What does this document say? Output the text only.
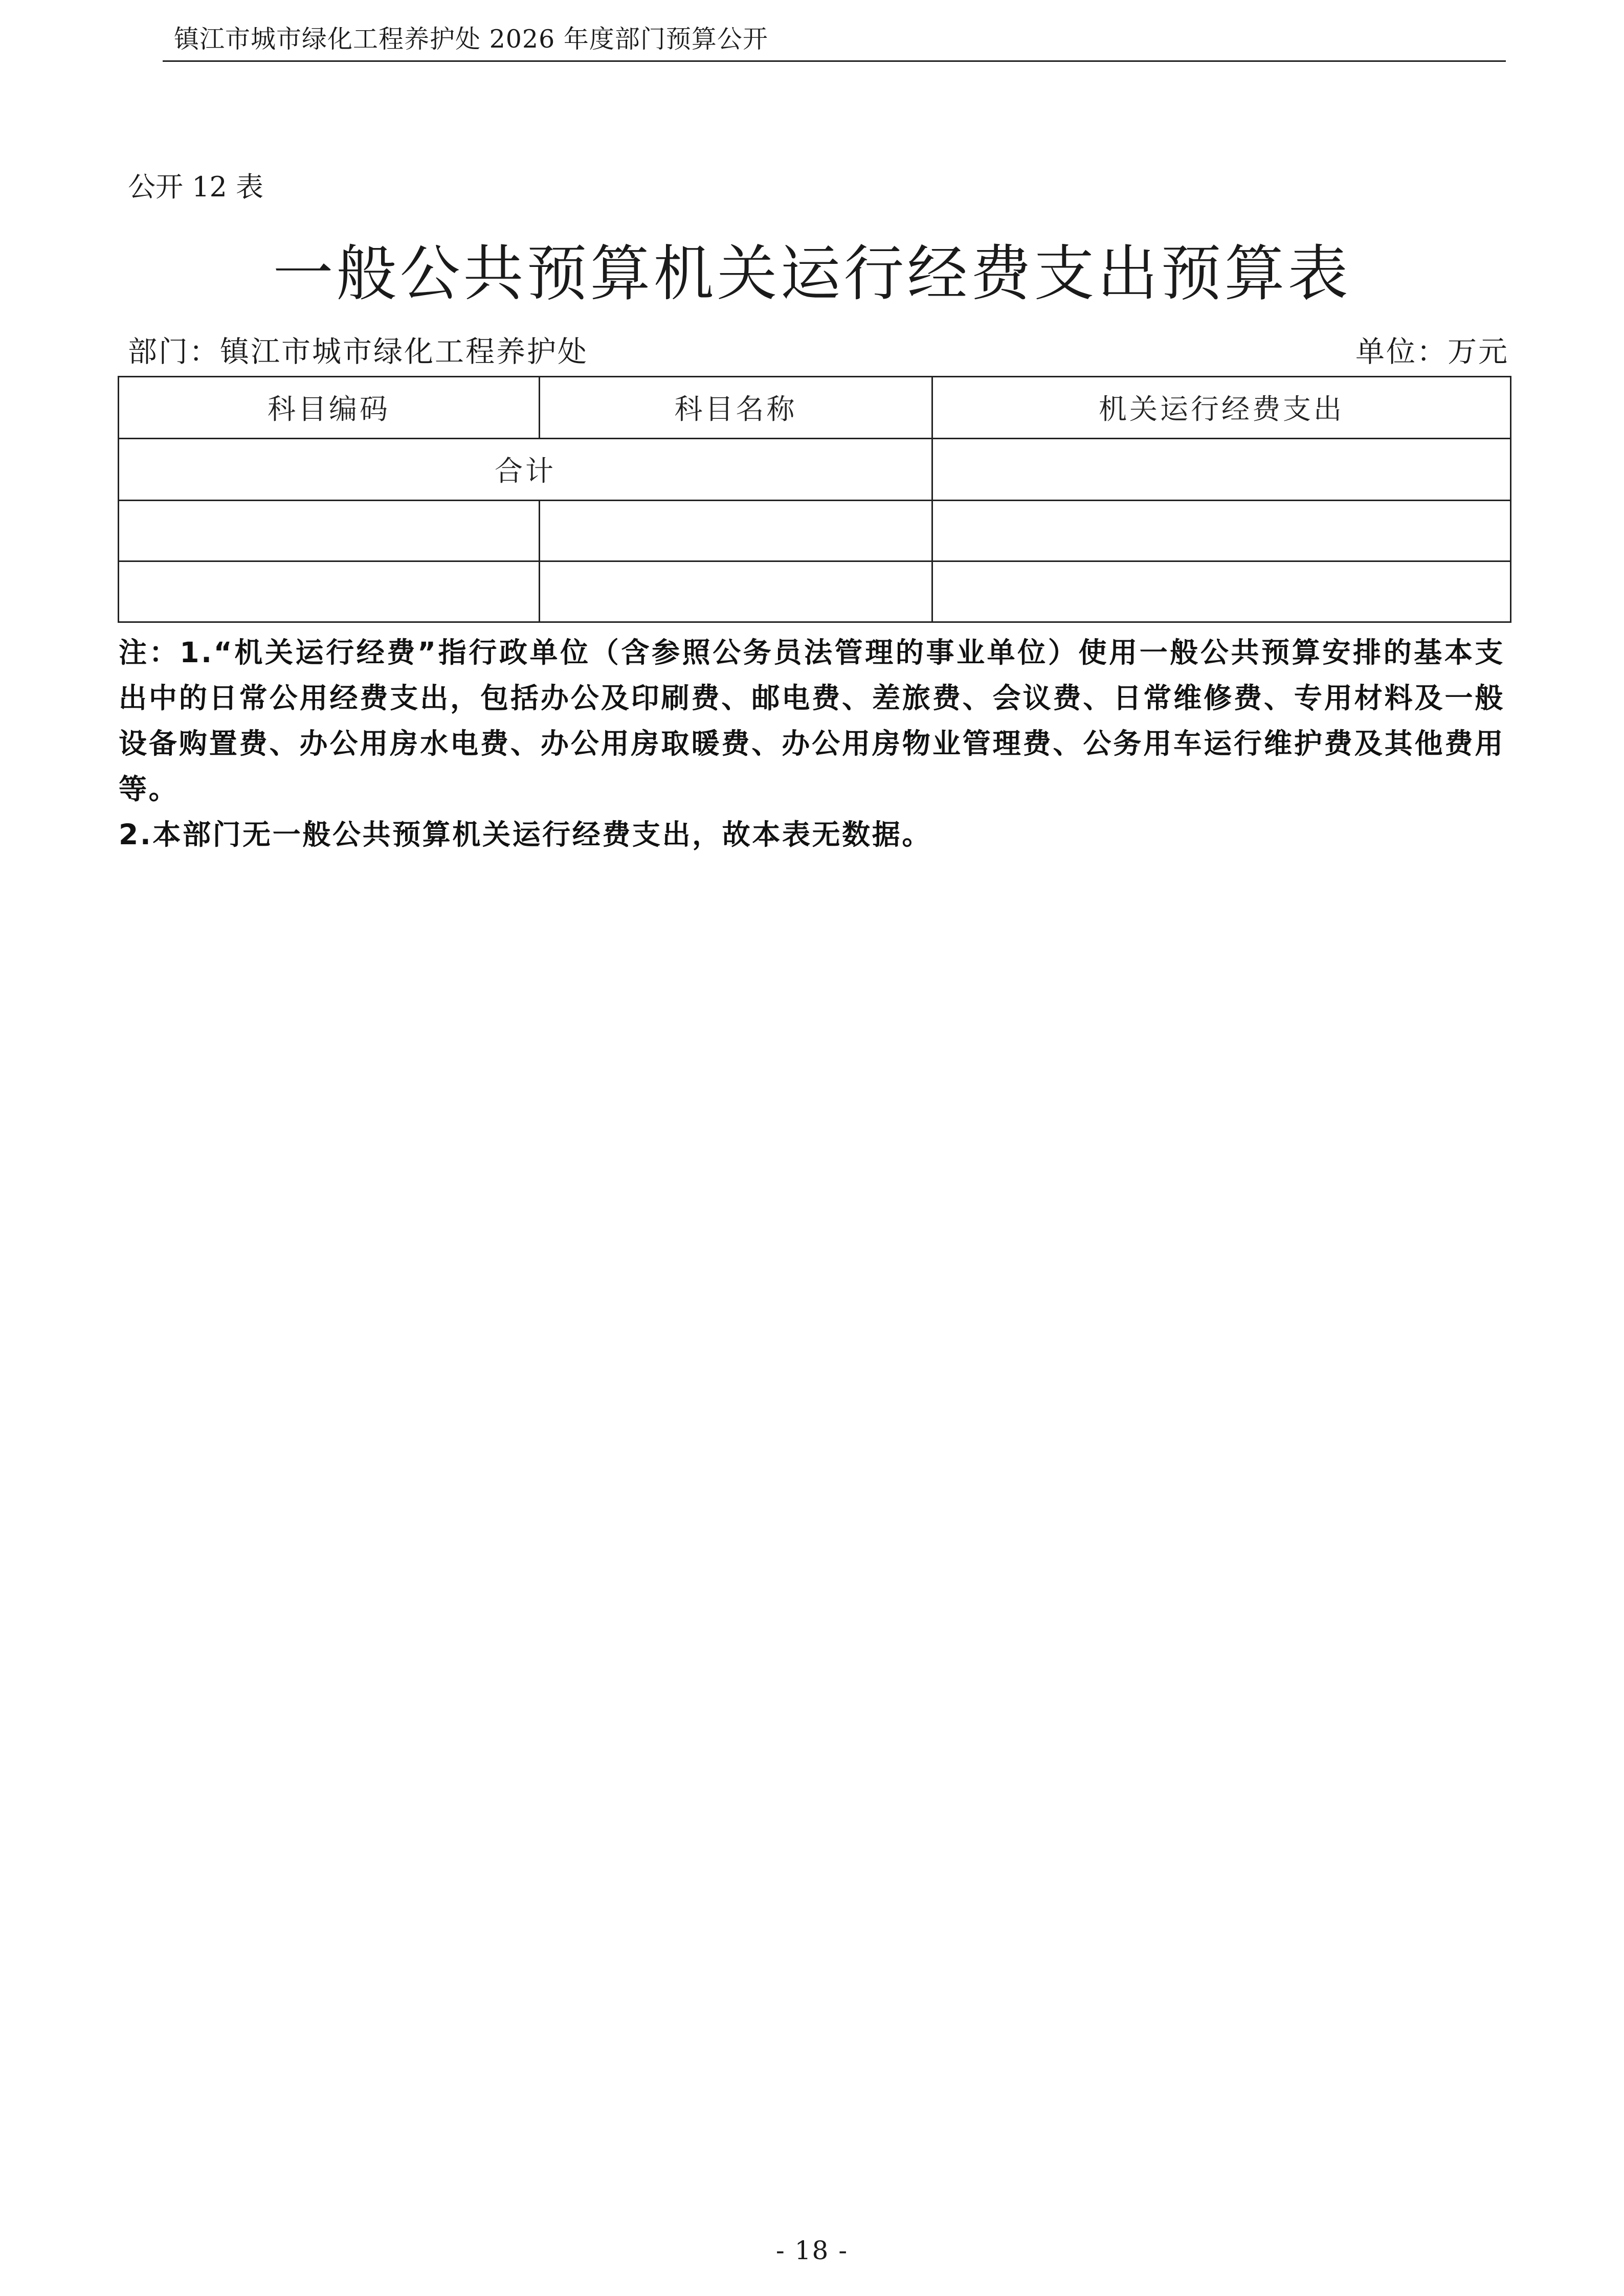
镇江市城市绿化工程养护处 2026 年度部门预算公开
公开 12 表
一般公共预算机关运行经费支出预算表
部门：镇江市城市绿化工程养护处	单位：万元
科目编码	科目名称	机关运行经费支出
合计		

注：1.“机关运行经费”指行政单位（含参照公务员法管理的事业单位）使用一般公共预算安排的基本支出中的日常公用经费支出，包括办公及印刷费、邮电费、差旅费、会议费、日常维修费、专用材料及一般设备购置费、办公用房水电费、办公用房取暖费、办公用房物业管理费、公务用车运行维护费及其他费用等。

2.本部门无一般公共预算机关运行经费支出，故本表无数据。

- 18 -
